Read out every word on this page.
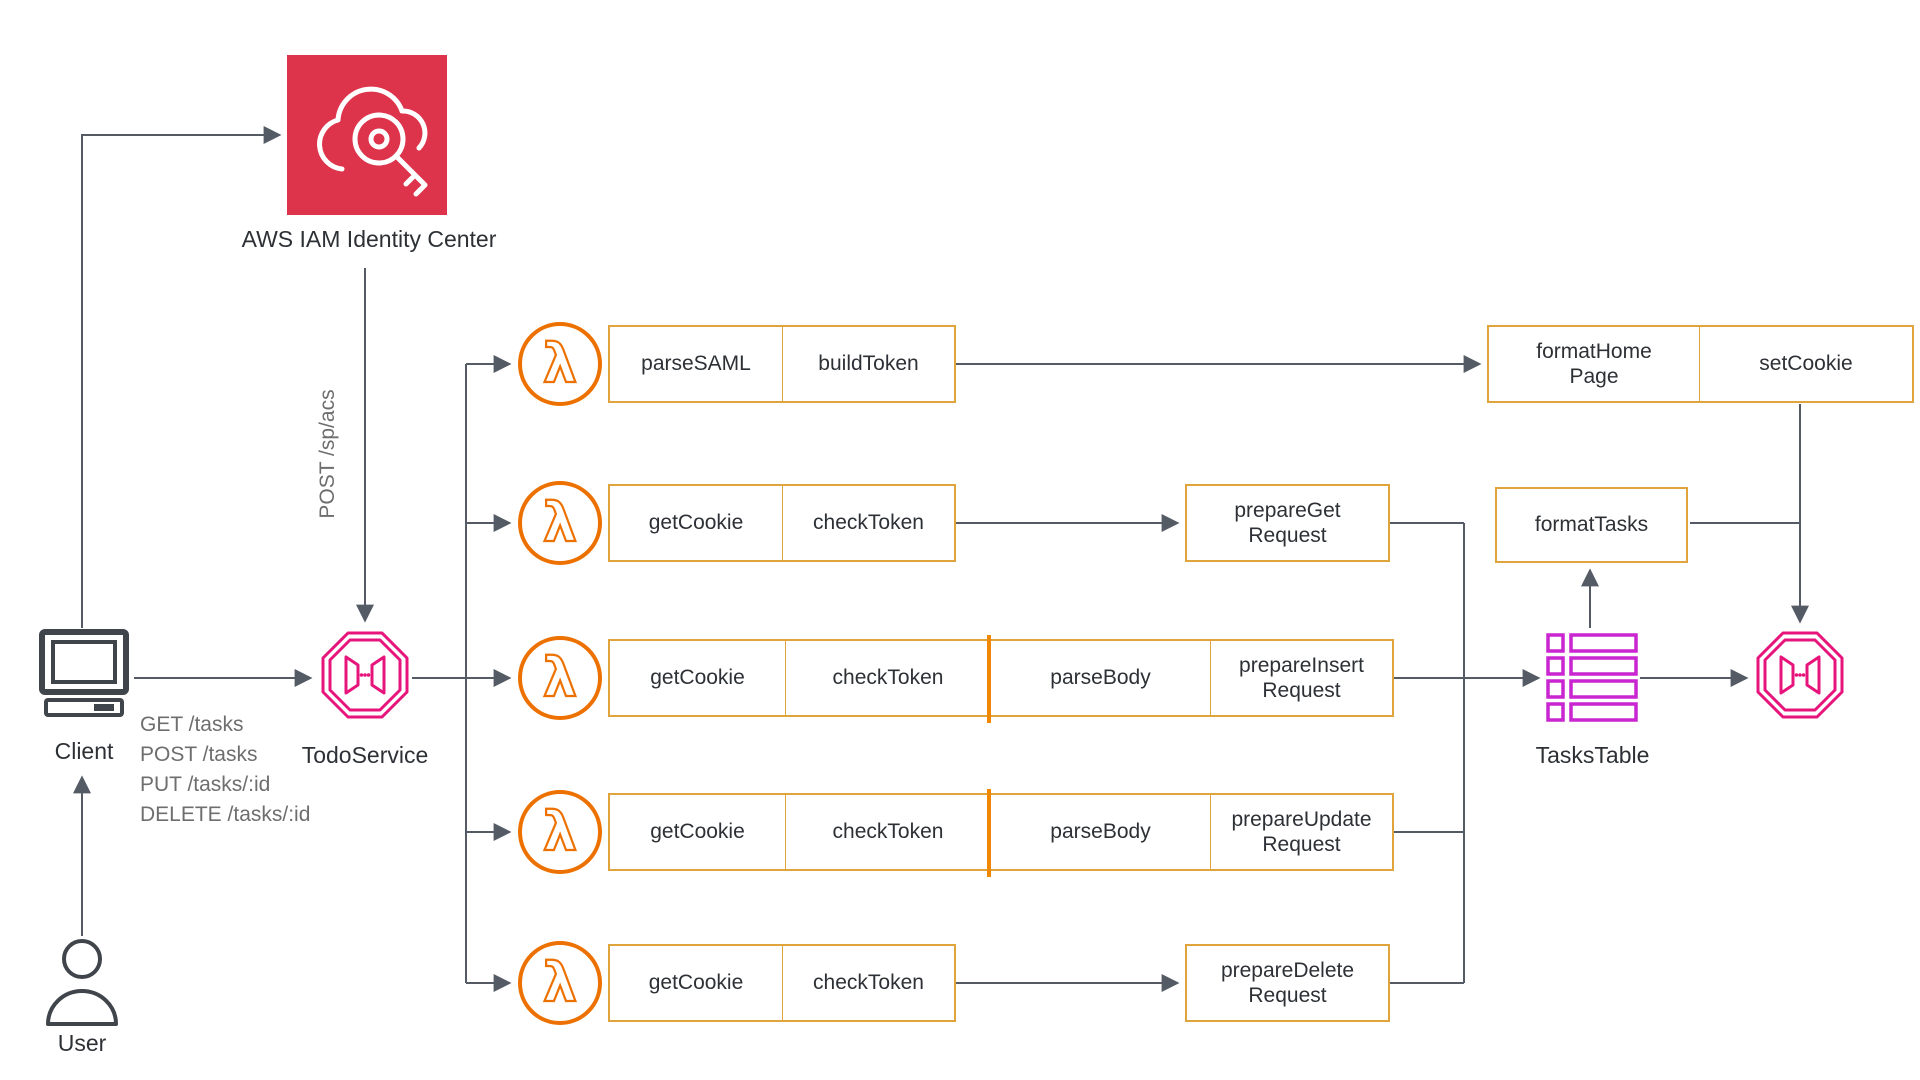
AWS IAM Identity Center
POST /sp/acs
Client
GET /tasks
POST /tasks
PUT /tasks/:id
DELETE /tasks/:id
User
TodoService
λ
λ
λ
λ
λ
parseSAML	buildToken
getCookie	checkToken
prepareGet Request
getCookie	checkToken	parseBody
prepareInsert Request
getCookie	checkToken	parseBody
prepareUpdate Request
getCookie	checkToken
prepareDelete Request
formatHome Page
setCookie
formatTasks
TasksTable
